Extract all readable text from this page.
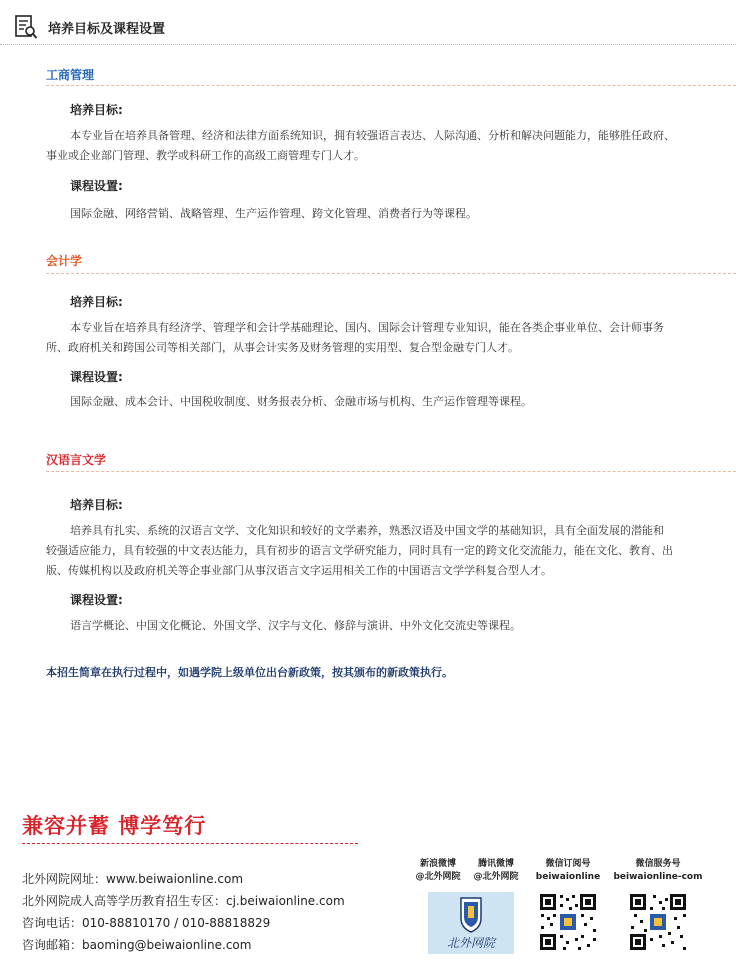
培养目标及课程设置
工商管理
培养目标:
本专业旨在培养具备管理、经济和法律方面系统知识，拥有较强语言表达、人际沟通、分析和解决问题能力，能够胜任政府、
事业或企业部门管理、教学或科研工作的高级工商管理专门人才。
课程设置:
国际金融、网络营销、战略管理、生产运作管理、跨文化管理、消费者行为等课程。
会计学
培养目标:
本专业旨在培养具有经济学、管理学和会计学基础理论、国内、国际会计管理专业知识，能在各类企事业单位、会计师事务
所、政府机关和跨国公司等相关部门，从事会计实务及财务管理的实用型、复合型金融专门人才。
课程设置:
国际金融、成本会计、中国税收制度、财务报表分析、金融市场与机构、生产运作管理等课程。
汉语言文学
培养目标:
培养具有扎实、系统的汉语言文学、文化知识和较好的文学素养，熟悉汉语及中国文学的基础知识，具有全面发展的潜能和
较强适应能力，具有较强的中文表达能力，具有初步的语言文学研究能力，同时具有一定的跨文化交流能力，能在文化、教育、出
版、传媒机构以及政府机关等企事业部门从事汉语言文字运用相关工作的中国语言文学学科复合型人才。
课程设置:
语言学概论、中国文化概论、外国文学、汉字与文化、修辞与演讲、中外文化交流史等课程。
本招生简章在执行过程中，如遇学院上级单位出台新政策，按其颁布的新政策执行。
兼容并蓄 博学笃行
北外网院网址：www.beiwaionline.com
北外网院成人高等学历教育招生专区：cj.beiwaionline.com
咨询电话：010-88810170 / 010-88818829
咨询邮箱：baoming@beiwaionline.com
新浪微博
@北外网院
腾讯微博
@北外网院
微信订阅号
beiwaionline
微信服务号
beiwaionline-com
北外网院
